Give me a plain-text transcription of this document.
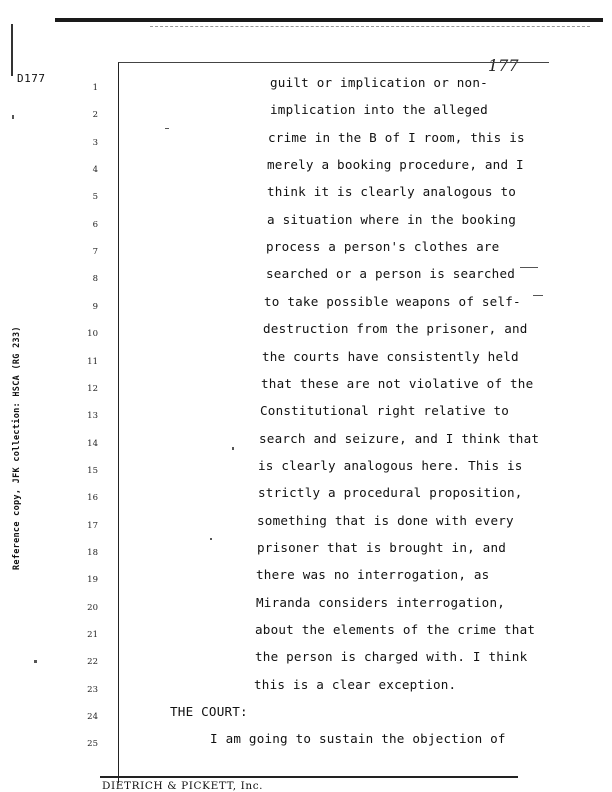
D177
177
Reference copy, JFK collection: HSCA (RG 233)
1	guilt or implication or non-
2	implication into the alleged
3	crime in the B of I room, this is
4	merely a booking procedure, and I
5	think it is clearly analogous to
6	a situation where in the booking
7	process a person's clothes are
8	searched or a person is searched
9	to take possible weapons of self-
10	destruction from the prisoner, and
11	the courts have consistently held
12	that these are not violative of the
13	Constitutional right relative to
14	search and seizure, and I think that
15	is clearly analogous here. This is
16	strictly a procedural proposition,
17	something that is done with every
18	prisoner that is brought in, and
19	there was no interrogation, as
20	Miranda considers interrogation,
21	about the elements of the crime that
22	the person is charged with. I think
23	this is a clear exception.
24	THE COURT:
25	I am going to sustain the objection of
DIETRICH & PICKETT, Inc.
